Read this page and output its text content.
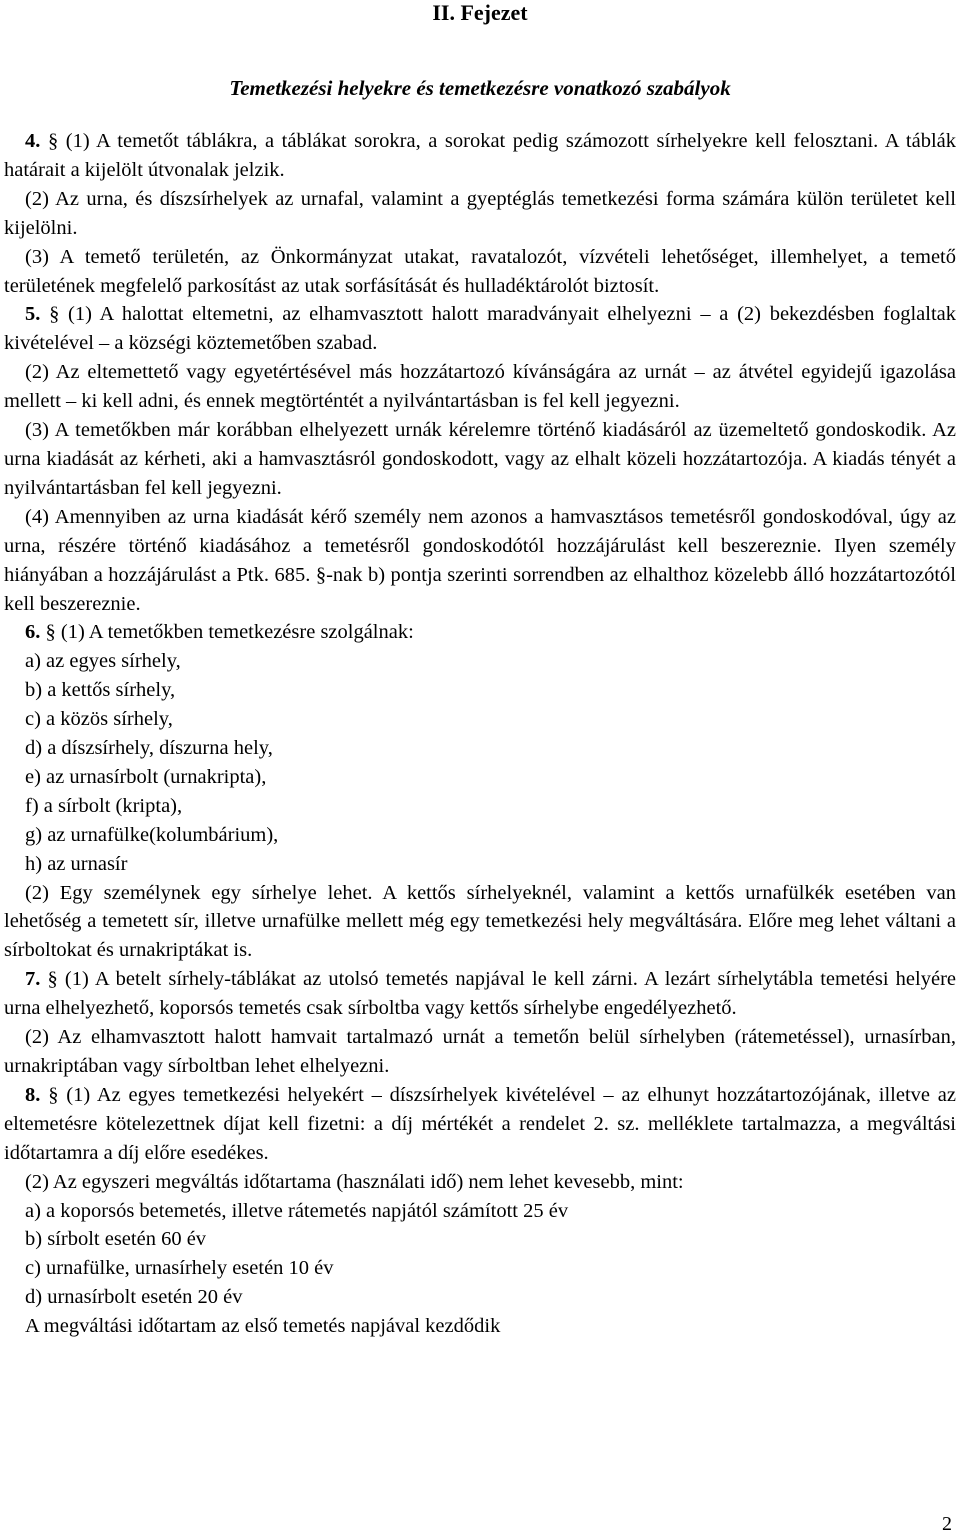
II. Fejezet
Temetkezési helyekre és temetkezésre vonatkozó szabályok

4. § (1) A temetőt táblákra, a táblákat sorokra, a sorokat pedig számozott sírhelyekre kell felosztani. A táblák határait a kijelölt útvonalak jelzik.

(2) Az urna, és díszsírhelyek az urnafal, valamint a gyeptéglás temetkezési forma számára külön területet kell kijelölni.

(3) A temető területén, az Önkormányzat utakat, ravatalozót, vízvételi lehetőséget, illemhelyet, a temető területének megfelelő parkosítást az utak sorfásítását és hulladéktárolót biztosít.

5. § (1) A halottat eltemetni, az elhamvasztott halott maradványait elhelyezni – a (2) bekezdésben foglaltak kivételével – a községi köztemetőben szabad.

(2) Az eltemettető vagy egyetértésével más hozzátartozó kívánságára az urnát – az átvétel egyidejű igazolása mellett – ki kell adni, és ennek megtörténtét a nyilvántartásban is fel kell jegyezni.

(3) A temetőkben már korábban elhelyezett urnák kérelemre történő kiadásáról az üzemeltető gondoskodik. Az urna kiadását az kérheti, aki a hamvasztásról gondoskodott, vagy az elhalt közeli hozzátartozója. A kiadás tényét a nyilvántartásban fel kell jegyezni.

(4) Amennyiben az urna kiadását kérő személy nem azonos a hamvasztásos temetésről gondoskodóval, úgy az urna, részére történő kiadásához a temetésről gondoskodótól hozzájárulást kell beszereznie. Ilyen személy hiányában a hozzájárulást a Ptk. 685. §-nak b) pontja szerinti sorrendben az elhalthoz közelebb álló hozzátartozótól kell beszereznie.

6. § (1) A temetőkben temetkezésre szolgálnak:

a) az egyes sírhely,

b) a kettős sírhely,

c) a közös sírhely,

d) a díszsírhely, díszurna hely,

e) az urnasírbolt (urnakripta),

f) a sírbolt (kripta),

g) az urnafülke(kolumbárium),

h) az urnasír

(2) Egy személynek egy sírhelye lehet. A kettős sírhelyeknél, valamint a kettős urnafülkék esetében van lehetőség a temetett sír, illetve urnafülke mellett még egy temetkezési hely megváltására. Előre meg lehet váltani a sírboltokat és urnakriptákat is.

7. § (1) A betelt sírhely-táblákat az utolsó temetés napjával le kell zárni. A lezárt sírhelytábla temetési helyére urna elhelyezhető, koporsós temetés csak sírboltba vagy kettős sírhelybe engedélyezhető.

(2) Az elhamvasztott halott hamvait tartalmazó urnát a temetőn belül sírhelyben (rátemetéssel), urnasírban, urnakriptában vagy sírboltban lehet elhelyezni.

8. § (1) Az egyes temetkezési helyekért – díszsírhelyek kivételével – az elhunyt hozzátartozójának, illetve az eltemetésre kötelezettnek díjat kell fizetni: a díj mértékét a rendelet 2. sz. melléklete tartalmazza, a megváltási időtartamra a díj előre esedékes.

(2) Az egyszeri megváltás időtartama (használati idő) nem lehet kevesebb, mint:

a) a koporsós betemetés, illetve rátemetés napjától számított 25 év

b) sírbolt esetén 60 év

c) urnafülke, urnasírhely esetén 10 év

d) urnasírbolt esetén 20 év

A megváltási időtartam az első temetés napjával kezdődik

2
